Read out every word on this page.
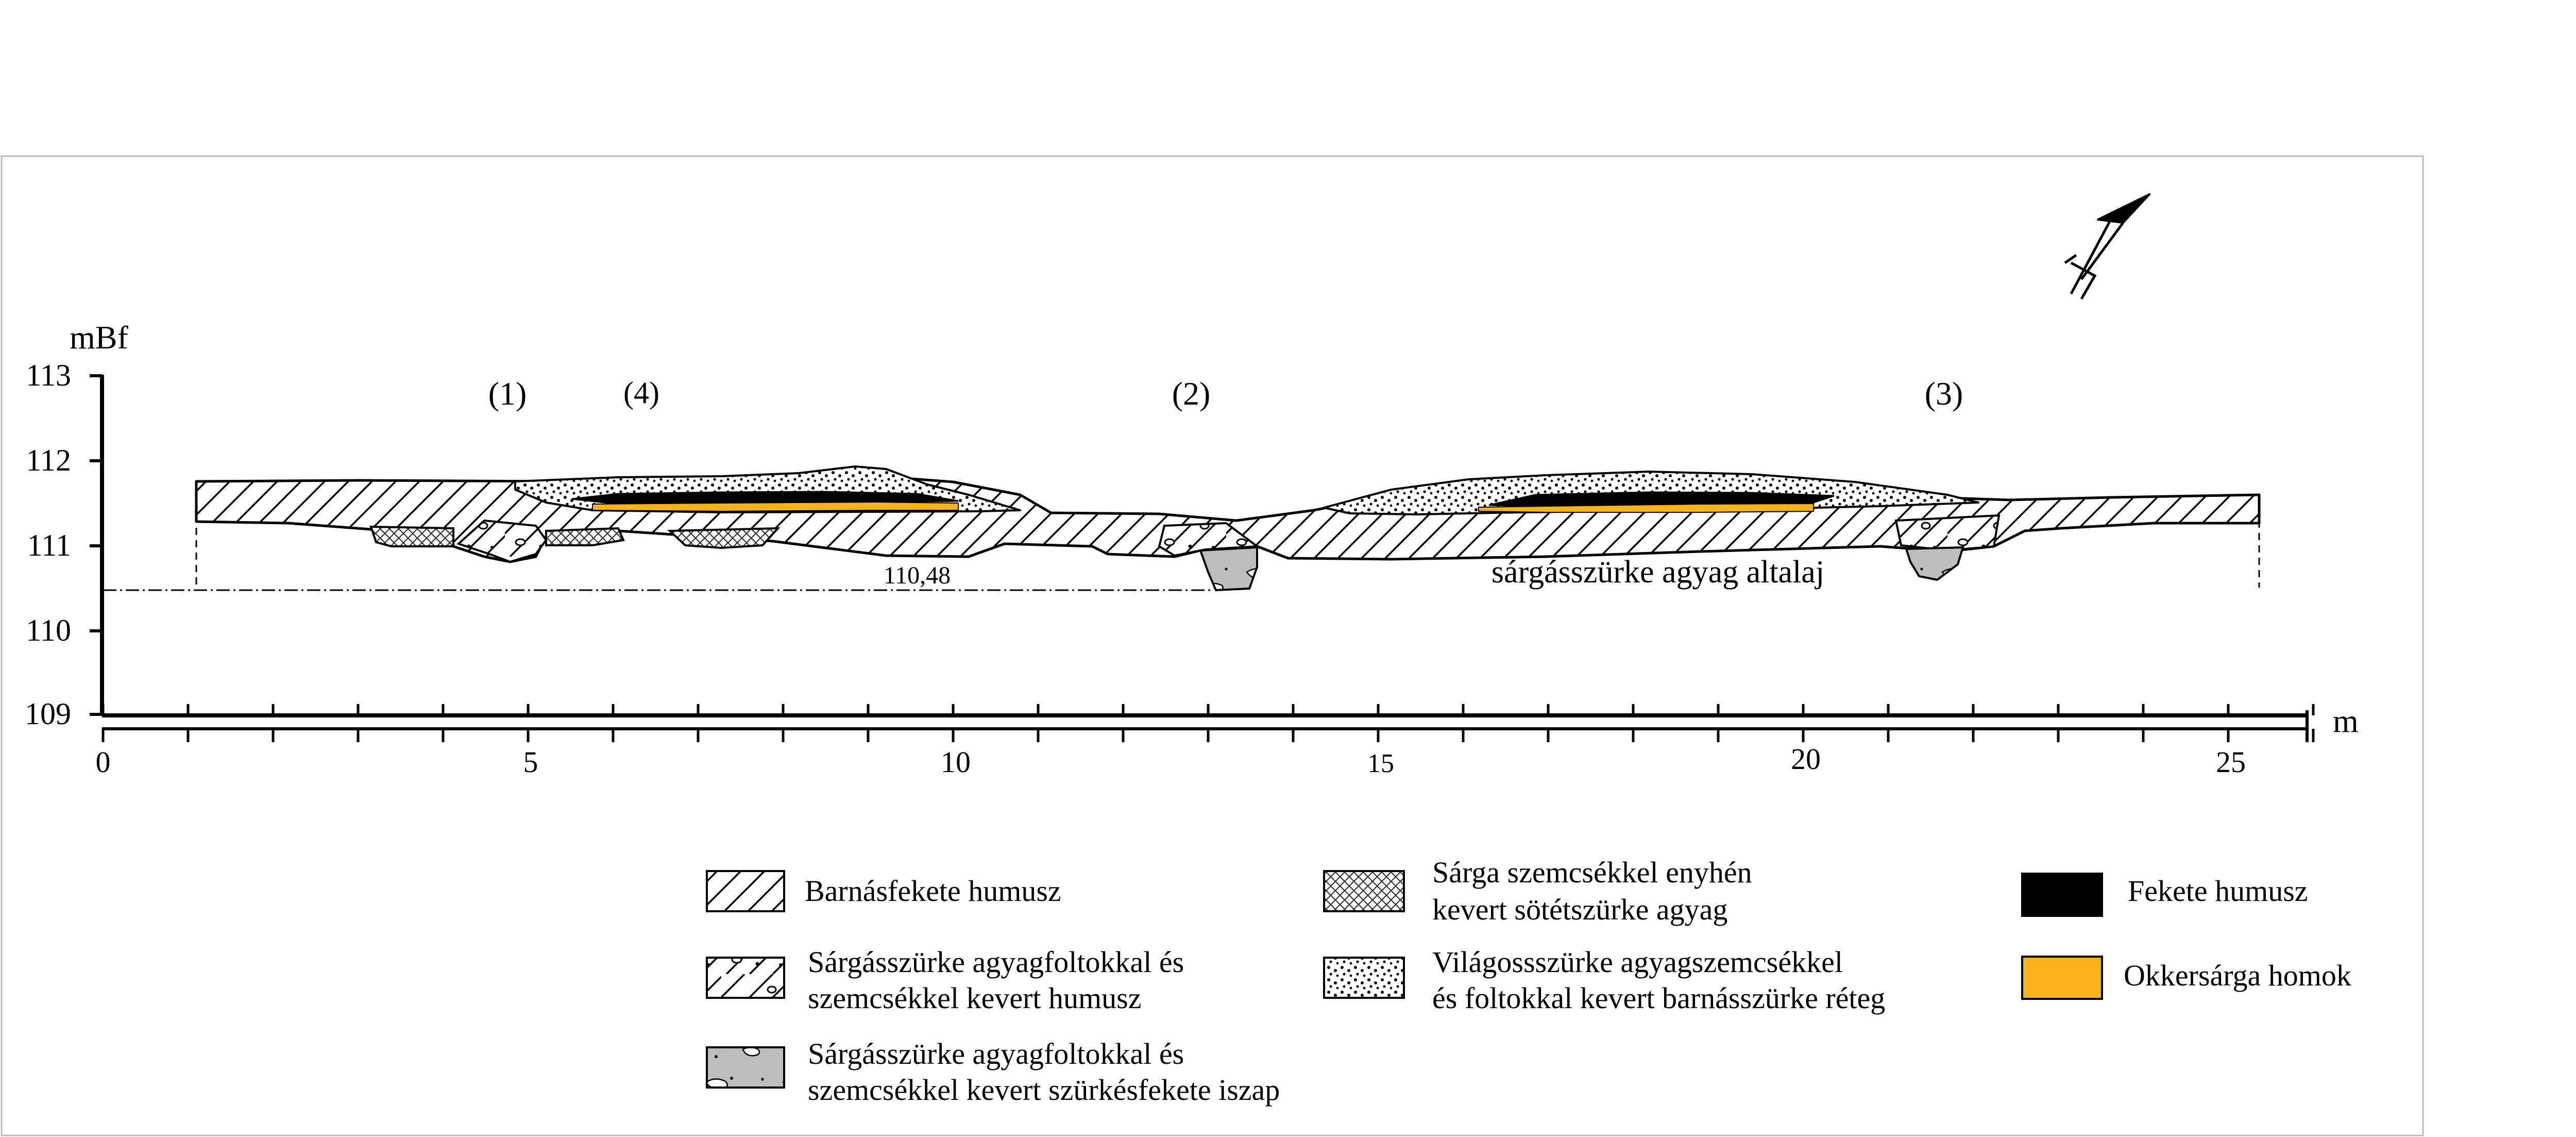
N
mBf
113
112
111
110
109	m
0	5	10	15	20	25
110,48
(1)	(4)	(2)	(3)
sárgásszürke agyag altalaj
Barnásfekete humusz
Sárgásszürke agyagfoltokkal és
szemcsékkel kevert humusz
Sárgásszürke agyagfoltokkal és
szemcsékkel kevert szürkésfekete iszap
Sárga szemcsékkel enyhén
kevert sötétszürke agyag
Világossszürke agyagszemcsékkel
és foltokkal kevert barnásszürke réteg
Fekete humusz
Okkersárga homok
